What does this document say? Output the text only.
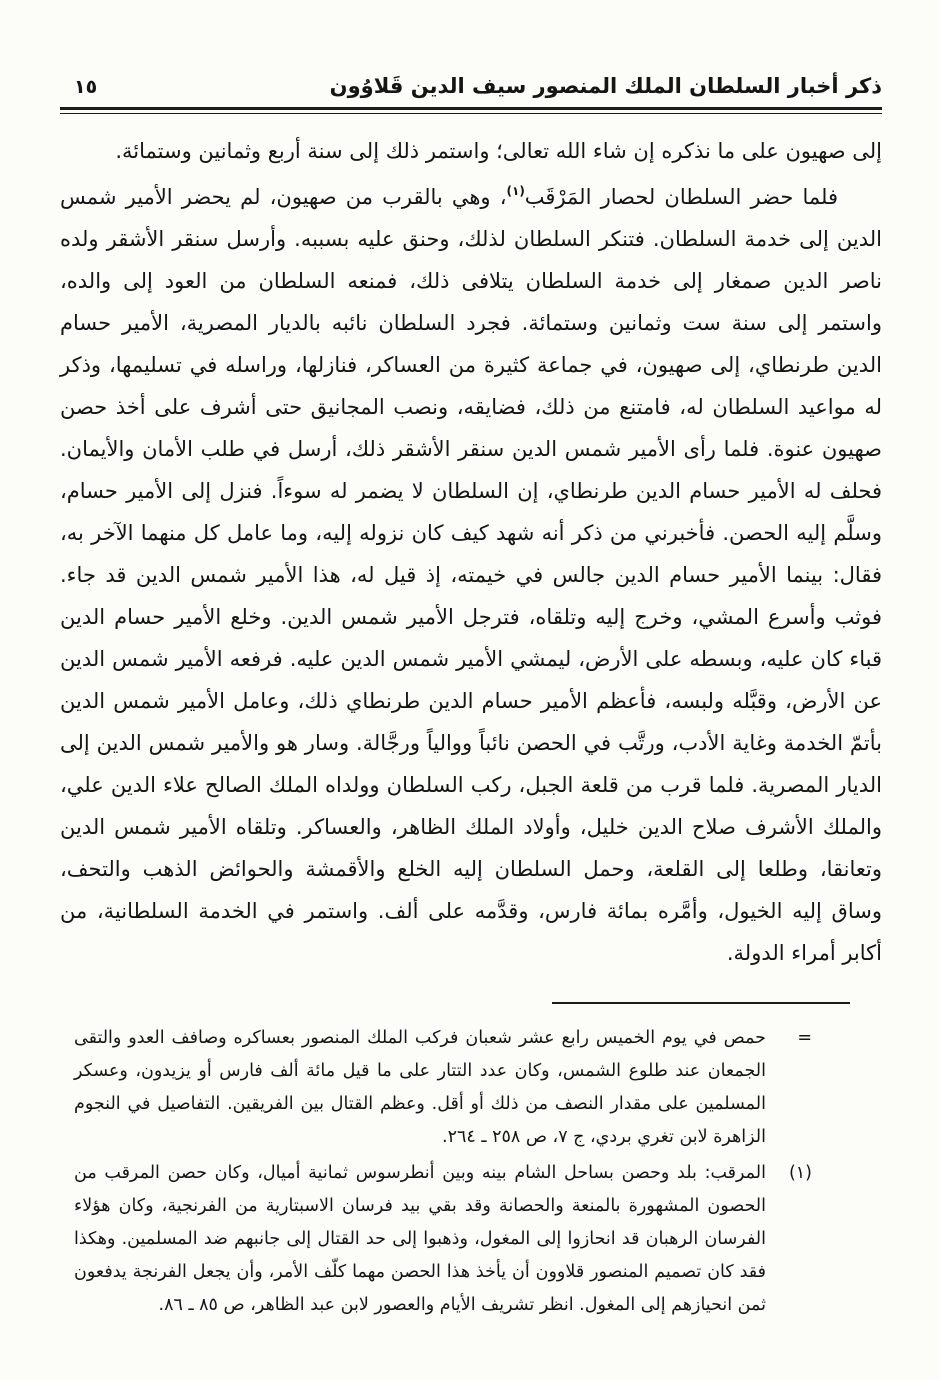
ذكر أخبار السلطان الملك المنصور سيف الدين قَلاوُون
١٥

إلى صهيون على ما نذكره إن شاء الله تعالى؛ واستمر ذلك إلى سنة أربع وثمانين وستمائة.

فلما حضر السلطان لحصار المَرْقَب$^{(١)}$، وهي بالقرب من صهيون، لم يحضر الأمير شمس الدين إلى خدمة السلطان. فتنكر السلطان لذلك، وحنق عليه بسببه. وأرسل سنقر الأشقر ولده ناصر الدين صمغار إلى خدمة السلطان يتلافى ذلك، فمنعه السلطان من العود إلى والده، واستمر إلى سنة ست وثمانين وستمائة. فجرد السلطان نائبه بالديار المصرية، الأمير حسام الدين طرنطاي، إلى صهيون، في جماعة كثيرة من العساكر، فنازلها، وراسله في تسليمها، وذكر له مواعيد السلطان له، فامتنع من ذلك، فضايقه، ونصب المجانيق حتى أشرف على أخذ حصن صهيون عنوة. فلما رأى الأمير شمس الدين سنقر الأشقر ذلك، أرسل في طلب الأمان والأيمان. فحلف له الأمير حسام الدين طرنطاي، إن السلطان لا يضمر له سوءاً. فنزل إلى الأمير حسام، وسلَّم إليه الحصن. فأخبرني من ذكر أنه شهد كيف كان نزوله إليه، وما عامل كل منهما الآخر به، فقال: بينما الأمير حسام الدين جالس في خيمته، إذ قيل له، هذا الأمير شمس الدين قد جاء. فوثب وأسرع المشي، وخرج إليه وتلقاه، فترجل الأمير شمس الدين. وخلع الأمير حسام الدين قباء كان عليه، وبسطه على الأرض، ليمشي الأمير شمس الدين عليه. فرفعه الأمير شمس الدين عن الأرض، وقبَّله ولبسه، فأعظم الأمير حسام الدين طرنطاي ذلك، وعامل الأمير شمس الدين بأتمّ الخدمة وغاية الأدب، ورتَّب في الحصن نائباً ووالياً ورجَّالة. وسار هو والأمير شمس الدين إلى الديار المصرية. فلما قرب من قلعة الجبل، ركب السلطان وولداه الملك الصالح علاء الدين علي، والملك الأشرف صلاح الدين خليل، وأولاد الملك الظاهر، والعساكر. وتلقاه الأمير شمس الدين وتعانقا، وطلعا إلى القلعة، وحمل السلطان إليه الخلع والأقمشة والحوائض الذهب والتحف، وساق إليه الخيول، وأمَّره بمائة فارس، وقدَّمه على ألف. واستمر في الخدمة السلطانية، من أكابر أمراء الدولة.

=

حمص في يوم الخميس رابع عشر شعبان فركب الملك المنصور بعساكره وصافف العدو والتقى الجمعان عند طلوع الشمس، وكان عدد التتار على ما قيل مائة ألف فارس أو يزيدون، وعسكر المسلمين على مقدار النصف من ذلك أو أقل. وعظم القتال بين الفريقين. التفاصيل في النجوم الزاهرة لابن تغري بردي، ج ٧، ص ٢٥٨ ـ ٢٦٤.

(١)

المرقب: بلد وحصن بساحل الشام بينه وبين أنطرسوس ثمانية أميال، وكان حصن المرقب من الحصون المشهورة بالمنعة والحصانة وقد بقي بيد فرسان الاسبتارية من الفرنجية، وكان هؤلاء الفرسان الرهبان قد انحازوا إلى المغول، وذهبوا إلى حد القتال إلى جانبهم ضد المسلمين. وهكذا فقد كان تصميم المنصور قلاوون أن يأخذ هذا الحصن مهما كلّف الأمر، وأن يجعل الفرنجة يدفعون ثمن انحيازهم إلى المغول. انظر تشريف الأيام والعصور لابن عبد الظاهر، ص ٨٥ ـ ٨٦.
